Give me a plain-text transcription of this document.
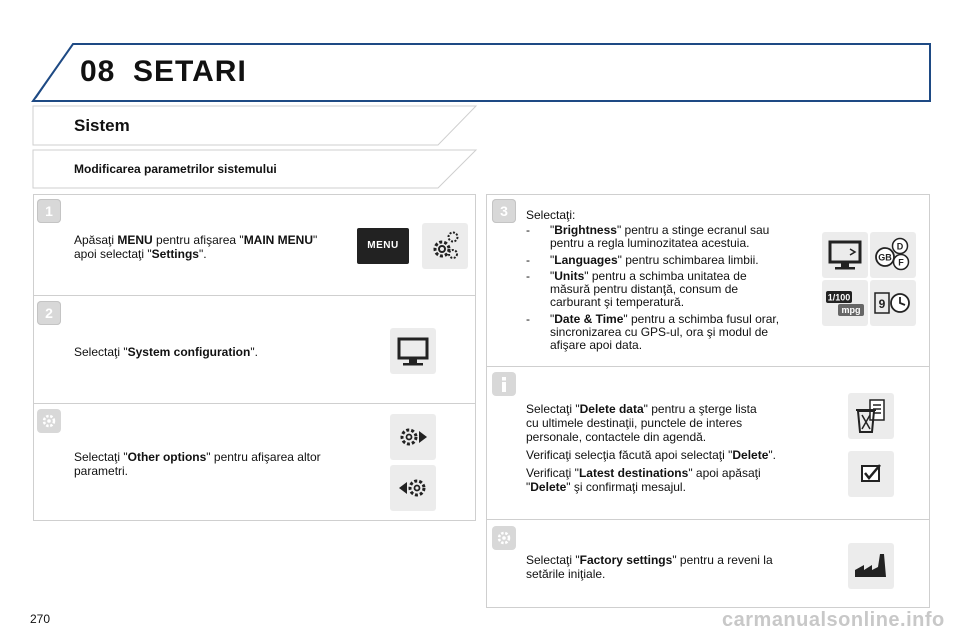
08 SETARI
Sistem
Modificarea parametrilor sistemului
1
Apăsaţi MENU pentru afişarea "MAIN MENU"
apoi selectaţi "Settings".
MENU
2
Selectaţi "System configuration".
Selectaţi "Other options" pentru afişarea altor
parametri.
3	Selectaţi:
-	"Brightness" pentru a stinge ecranul sau
pentru a regla luminozitatea acestuia.
-	"Languages" pentru schimbarea limbii.
-	"Units" pentru a schimba unitatea de
măsură pentru distanţă, consum de
carburant şi temperatură.
-	"Date & Time" pentru a schimba fusul orar,
sincronizarea cu GPS-ul, ora şi modul de
afişare apoi data.
D
F
GB
1/100
mpg 9
Selectaţi "Delete data" pentru a şterge lista
cu ultimele destinaţii, punctele de interes
personale, contactele din agendă.
Verificaţi selecţia făcută apoi selectaţi "Delete".
Verificaţi "Latest destinations" apoi apăsaţi
"Delete" şi confirmaţi mesajul.
Selectaţi "Factory settings" pentru a reveni la
setările iniţiale.
270	carmanualsonline.info
